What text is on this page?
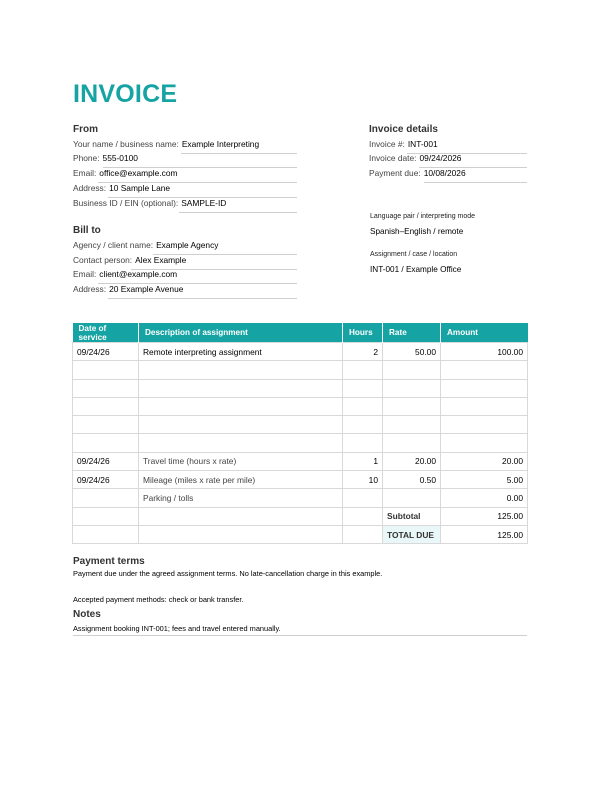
INVOICE
From
Your name / business name: Example Interpreting
Phone: 555-0100
Email: office@example.com
Address: 10 Sample Lane
Business ID / EIN (optional): SAMPLE-ID
Invoice details
Invoice #: INT-001
Invoice date: 09/24/2026
Payment due: 10/08/2026
Language pair / interpreting mode
Spanish–English / remote
Assignment / case / location
INT-001 / Example Office
Bill to
Agency / client name: Example Agency
Contact person: Alex Example
Email: client@example.com
Address: 20 Example Avenue
Date of service	Description of assignment	Hours	Rate	Amount
09/24/26	Remote interpreting assignment	2	50.00	100.00

09/24/26	Travel time (hours x rate)	1	20.00	20.00
09/24/26	Mileage (miles x rate per mile)	10	0.50	5.00
	Parking / tolls			0.00
			Subtotal	125.00
			TOTAL DUE	125.00
Payment terms
Payment due under the agreed assignment terms. No late-cancellation charge in this example.
Accepted payment methods: check or bank transfer.
Notes
Assignment booking INT-001; fees and travel entered manually.
